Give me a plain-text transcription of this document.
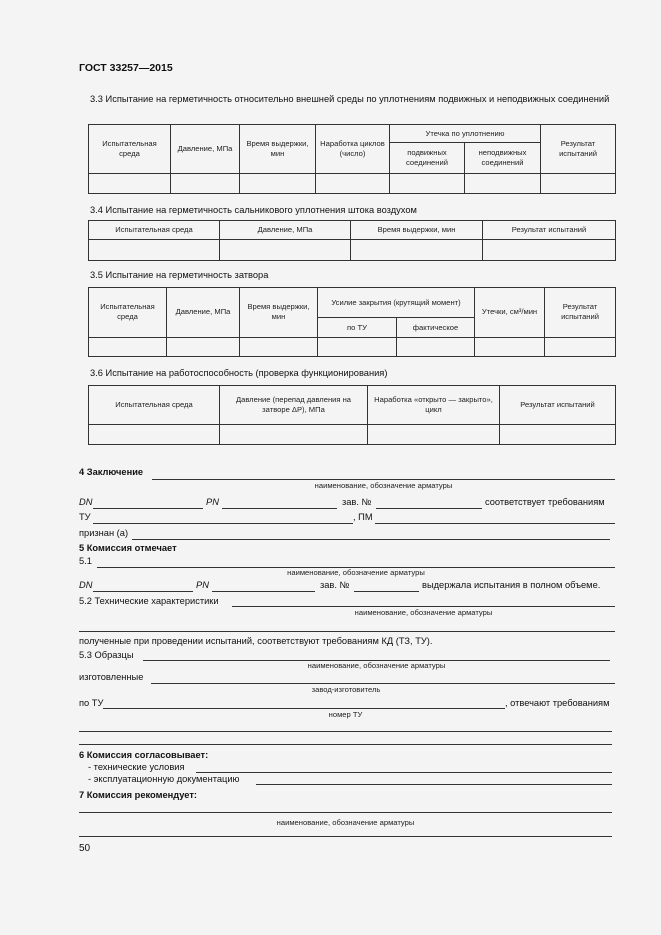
ГОСТ 33257—2015
3.3 Испытание на герметичность относительно внешней среды по уплотнениям подвижных и неподвижных соединений
Испытательная среда	Давление, МПа	Время выдержки, мин	Наработка циклов (число)	Утечка по уплотнению		Результат испытаний
				подвижных соединений	неподвижных соединений	

3.4 Испытание на герметичность сальникового уплотнения штока воздухом
Испытательная среда	Давление, МПа	Время выдержки, мин	Результат испытаний

3.5 Испытание на герметичность затвора
Испытательная среда	Давление, МПа	Время выдержки, мин	Усилие закрытия (крутящий момент)		Утечки, см³/мин	Результат испытаний
			по ТУ	фактическое		

3.6 Испытание на работоспособность (проверка функционирования)
Испытательная среда	Давление (перепад давления на затворе ΔP), МПа	Наработка «открыто — закрыто», цикл	Результат испытаний

4 Заключение
наименование, обозначение арматуры
DN	PN	зав. №	соответствует требованиям
ТУ	, ПМ
признан (а)
5 Комиссия отмечает
5.1
наименование, обозначение арматуры
DN	PN	зав. №	выдержала испытания в полном объеме.
5.2 Технические характеристики
наименование, обозначение арматуры
полученные при проведении испытаний, соответствуют требованиям КД (ТЗ, ТУ).
5.3 Образцы
наименование, обозначение арматуры
изготовленные
завод-изготовитель
по ТУ	, отвечают требованиям
номер ТУ
6 Комиссия согласовывает:
- технические условия
- эксплуатационную документацию
7 Комиссия рекомендует:
наименование, обозначение арматуры
50
